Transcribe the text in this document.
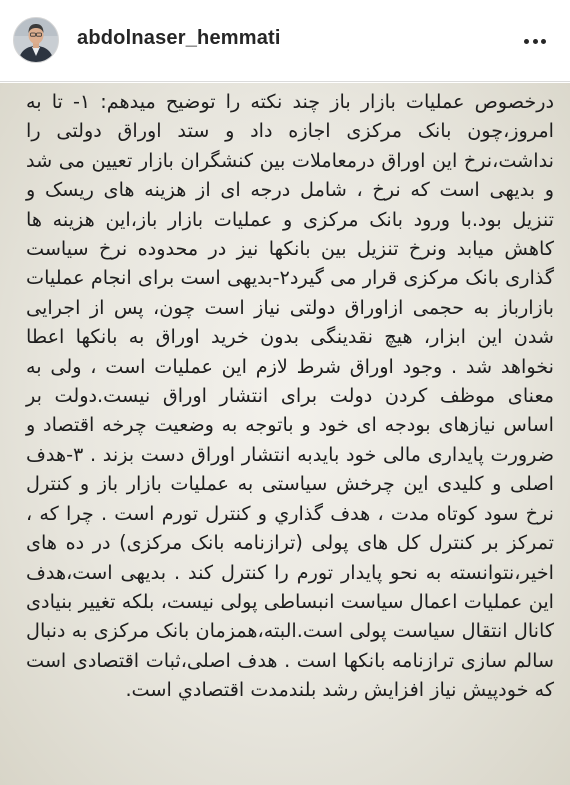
abdolnaser_hemmati

درخصوص عملیات بازار باز چند نکته را توضیح میدهم: ۱- تا به امروز،چون بانک مرکزی اجازه داد و ستد اوراق دولتی را نداشت،نرخ این اوراق درمعاملات بین کنشگران بازار تعیین می شد و بدیهی است که نرخ ، شامل درجه ای از هزینه های ریسک و تنزیل بود.با ورود بانک مرکزی و عملیات بازار باز،این هزینه ها کاهش میابد ونرخ تنزیل بین بانکها نیز در محدوده نرخ سیاست گذاری بانک مرکزی قرار می گیرد۲-بدیهی است برای انجام عملیات بازارباز به حجمی ازاوراق دولتی نیاز است چون، پس از اجرایی شدن این ابزار، هیچ نقدینگی بدون خرید اوراق به بانکها اعطا نخواهد شد . وجود اوراق شرط لازم این عملیات است ، ولی به معنای موظف کردن دولت برای انتشار اوراق نیست.دولت بر اساس نیازهای بودجه ای خود و باتوجه به وضعیت چرخه اقتصاد و ضرورت پایداری مالی خود بایدبه انتشار اوراق دست بزند . ۳-هدف اصلی و کلیدی این چرخش سیاستی به عملیات بازار باز و کنترل نرخ سود کوتاه مدت ، هدف گذاري و کنترل تورم است . چرا که ، تمرکز بر کنترل کل های پولی (ترازنامه بانک مرکزی) در ده های اخیر،نتوانسته به نحو پایدار تورم را کنترل کند . بدیهی است،هدف این عملیات اعمال سیاست انبساطی پولی نیست، بلکه تغییر بنیادی کانال انتقال سیاست پولی است.البته،همزمان بانک مرکزی به دنبال سالم سازی ترازنامه بانکها است . هدف اصلی،ثبات اقتصادی است که خودپیش نیاز افزایش رشد بلندمدت اقتصادي است.
